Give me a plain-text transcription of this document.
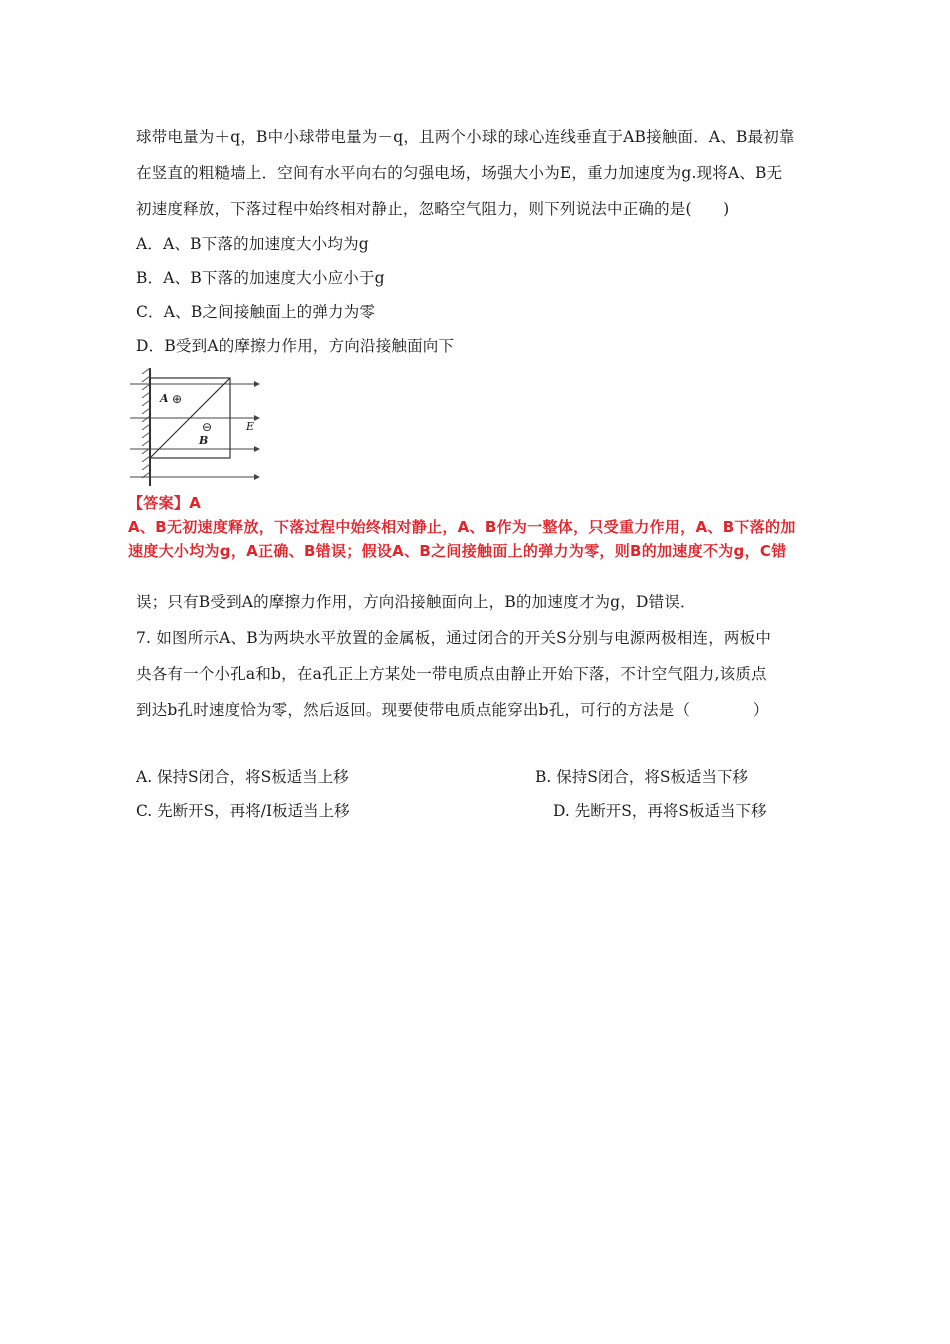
球带电量为＋q，B中小球带电量为－q，且两个小球的球心连线垂直于AB接触面．A、B最初靠
在竖直的粗糙墙上．空间有水平向右的匀强电场，场强大小为E，重力加速度为g.现将A、B无
初速度释放，下落过程中始终相对静止，忽略空气阻力，则下列说法中正确的是(　　)
A．A、B下落的加速度大小均为g
B．A、B下落的加速度大小应小于g
C．A、B之间接触面上的弹力为零
D．B受到A的摩擦力作用，方向沿接触面向下
A ⊕
⊖
B
E
【答案】A
A、B无初速度释放，下落过程中始终相对静止，A、B作为一整体，只受重力作用，A、B下落的加
速度大小均为g，A正确、B错误；假设A、B之间接触面上的弹力为零，则B的加速度不为g，C错
误；只有B受到A的摩擦力作用，方向沿接触面向上，B的加速度才为g，D错误．
7. 如图所示A、B为两块水平放置的金属板，通过闭合的开关S分别与电源两极相连，两板中
央各有一个小孔a和b，在a孔正上方某处一带电质点由静止开始下落，不计空气阻力,该质点
到达b孔时速度恰为零，然后返回。现要使带电质点能穿出b孔，可行的方法是（　　　　）
A. 保持S闭合，将S板适当上移	B. 保持S闭合，将S板适当下移
C. 先断开S，再将/I板适当上移	D. 先断开S，再将S板适当下移
